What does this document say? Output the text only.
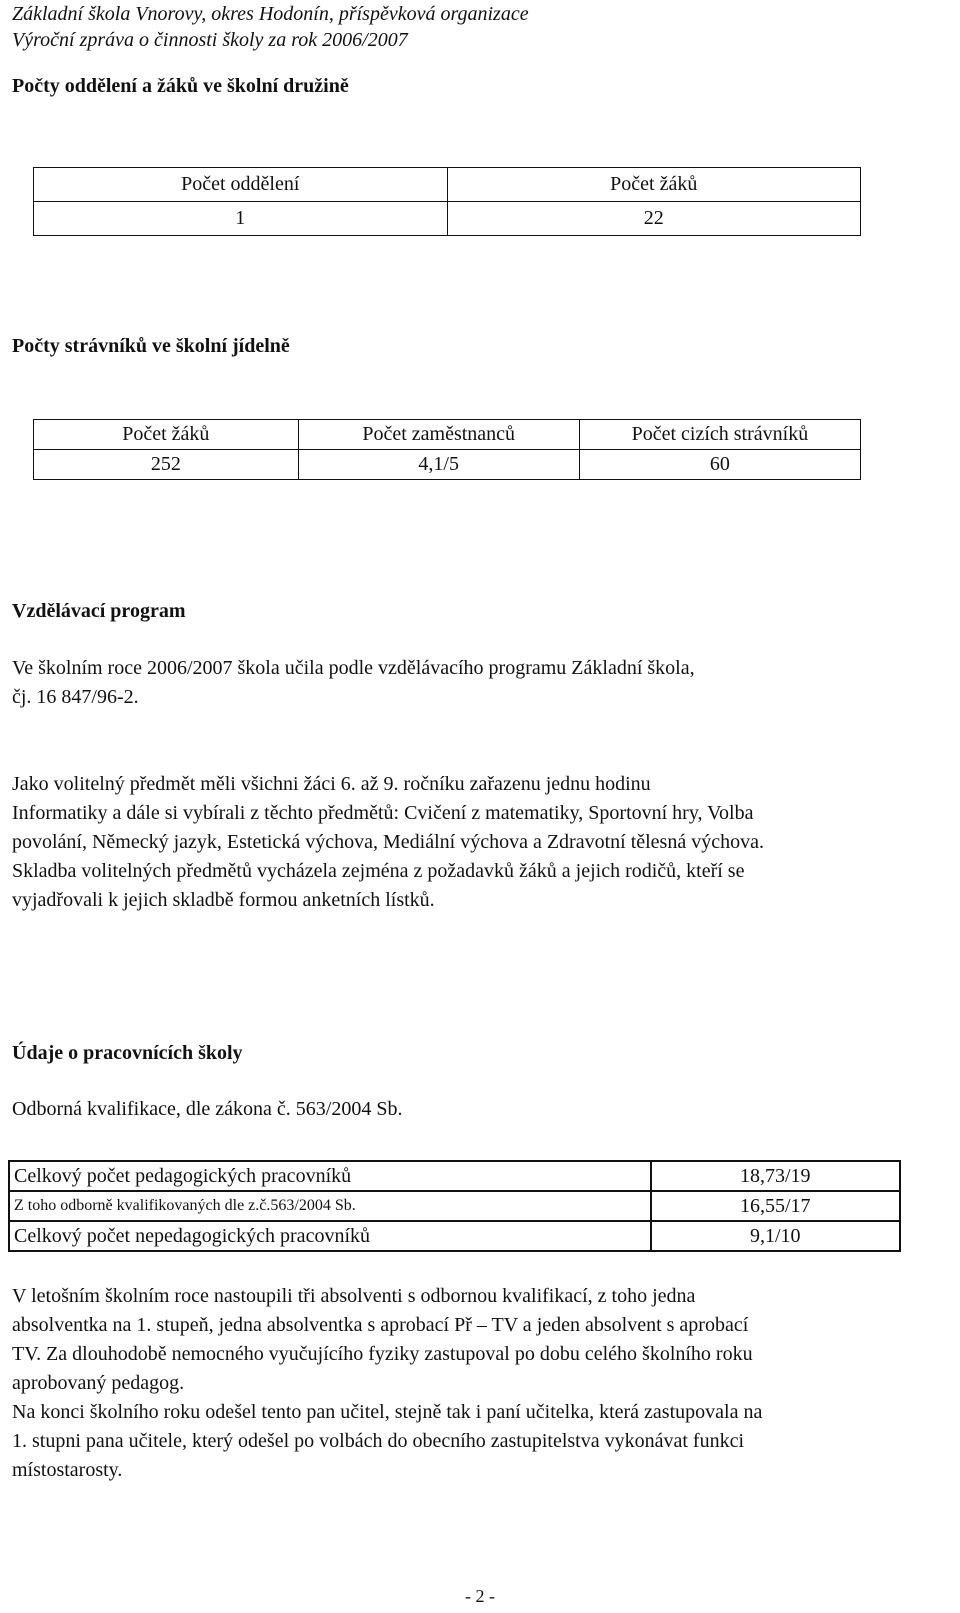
Základní škola Vnorovy, okres Hodonín, příspěvková organizace
Výroční zpráva o činnosti školy za rok 2006/2007
Počty oddělení a žáků ve školní družině
Počet oddělení	Počet žáků
1	22
Počty strávníků ve školní jídelně
Počet žáků	Počet zaměstnanců	Počet cizích strávníků
252	4,1/5	60
Vzdělávací program
Ve školním roce 2006/2007 škola učila podle vzdělávacího programu Základní škola,
čj. 16 847/96-2.
Jako volitelný předmět měli všichni žáci 6. až 9. ročníku zařazenu jednu hodinu
Informatiky a dále si vybírali z těchto předmětů: Cvičení z matematiky, Sportovní hry, Volba
povolání, Německý jazyk, Estetická výchova, Mediální výchova a Zdravotní tělesná výchova.
Skladba volitelných předmětů vycházela zejména z požadavků žáků a jejich rodičů, kteří se
vyjadřovali k jejich skladbě formou anketních lístků.
Údaje o pracovnících školy
Odborná kvalifikace, dle zákona č. 563/2004 Sb.
Celkový počet pedagogických pracovníků	18,73/19
Z toho odborně kvalifikovaných dle z.č.563/2004 Sb.	16,55/17
Celkový počet nepedagogických pracovníků	9,1/10
V letošním školním roce nastoupili tři absolventi s odbornou kvalifikací, z toho jedna
absolventka na 1. stupeň, jedna absolventka s aprobací Př – TV a jeden absolvent s aprobací
TV. Za dlouhodobě nemocného vyučujícího fyziky zastupoval po dobu celého školního roku
aprobovaný pedagog.
Na konci školního roku odešel tento pan učitel, stejně tak i paní učitelka, která zastupovala na
1. stupni pana učitele, který odešel po volbách do obecního zastupitelstva vykonávat funkci
místostarosty.
- 2 -
